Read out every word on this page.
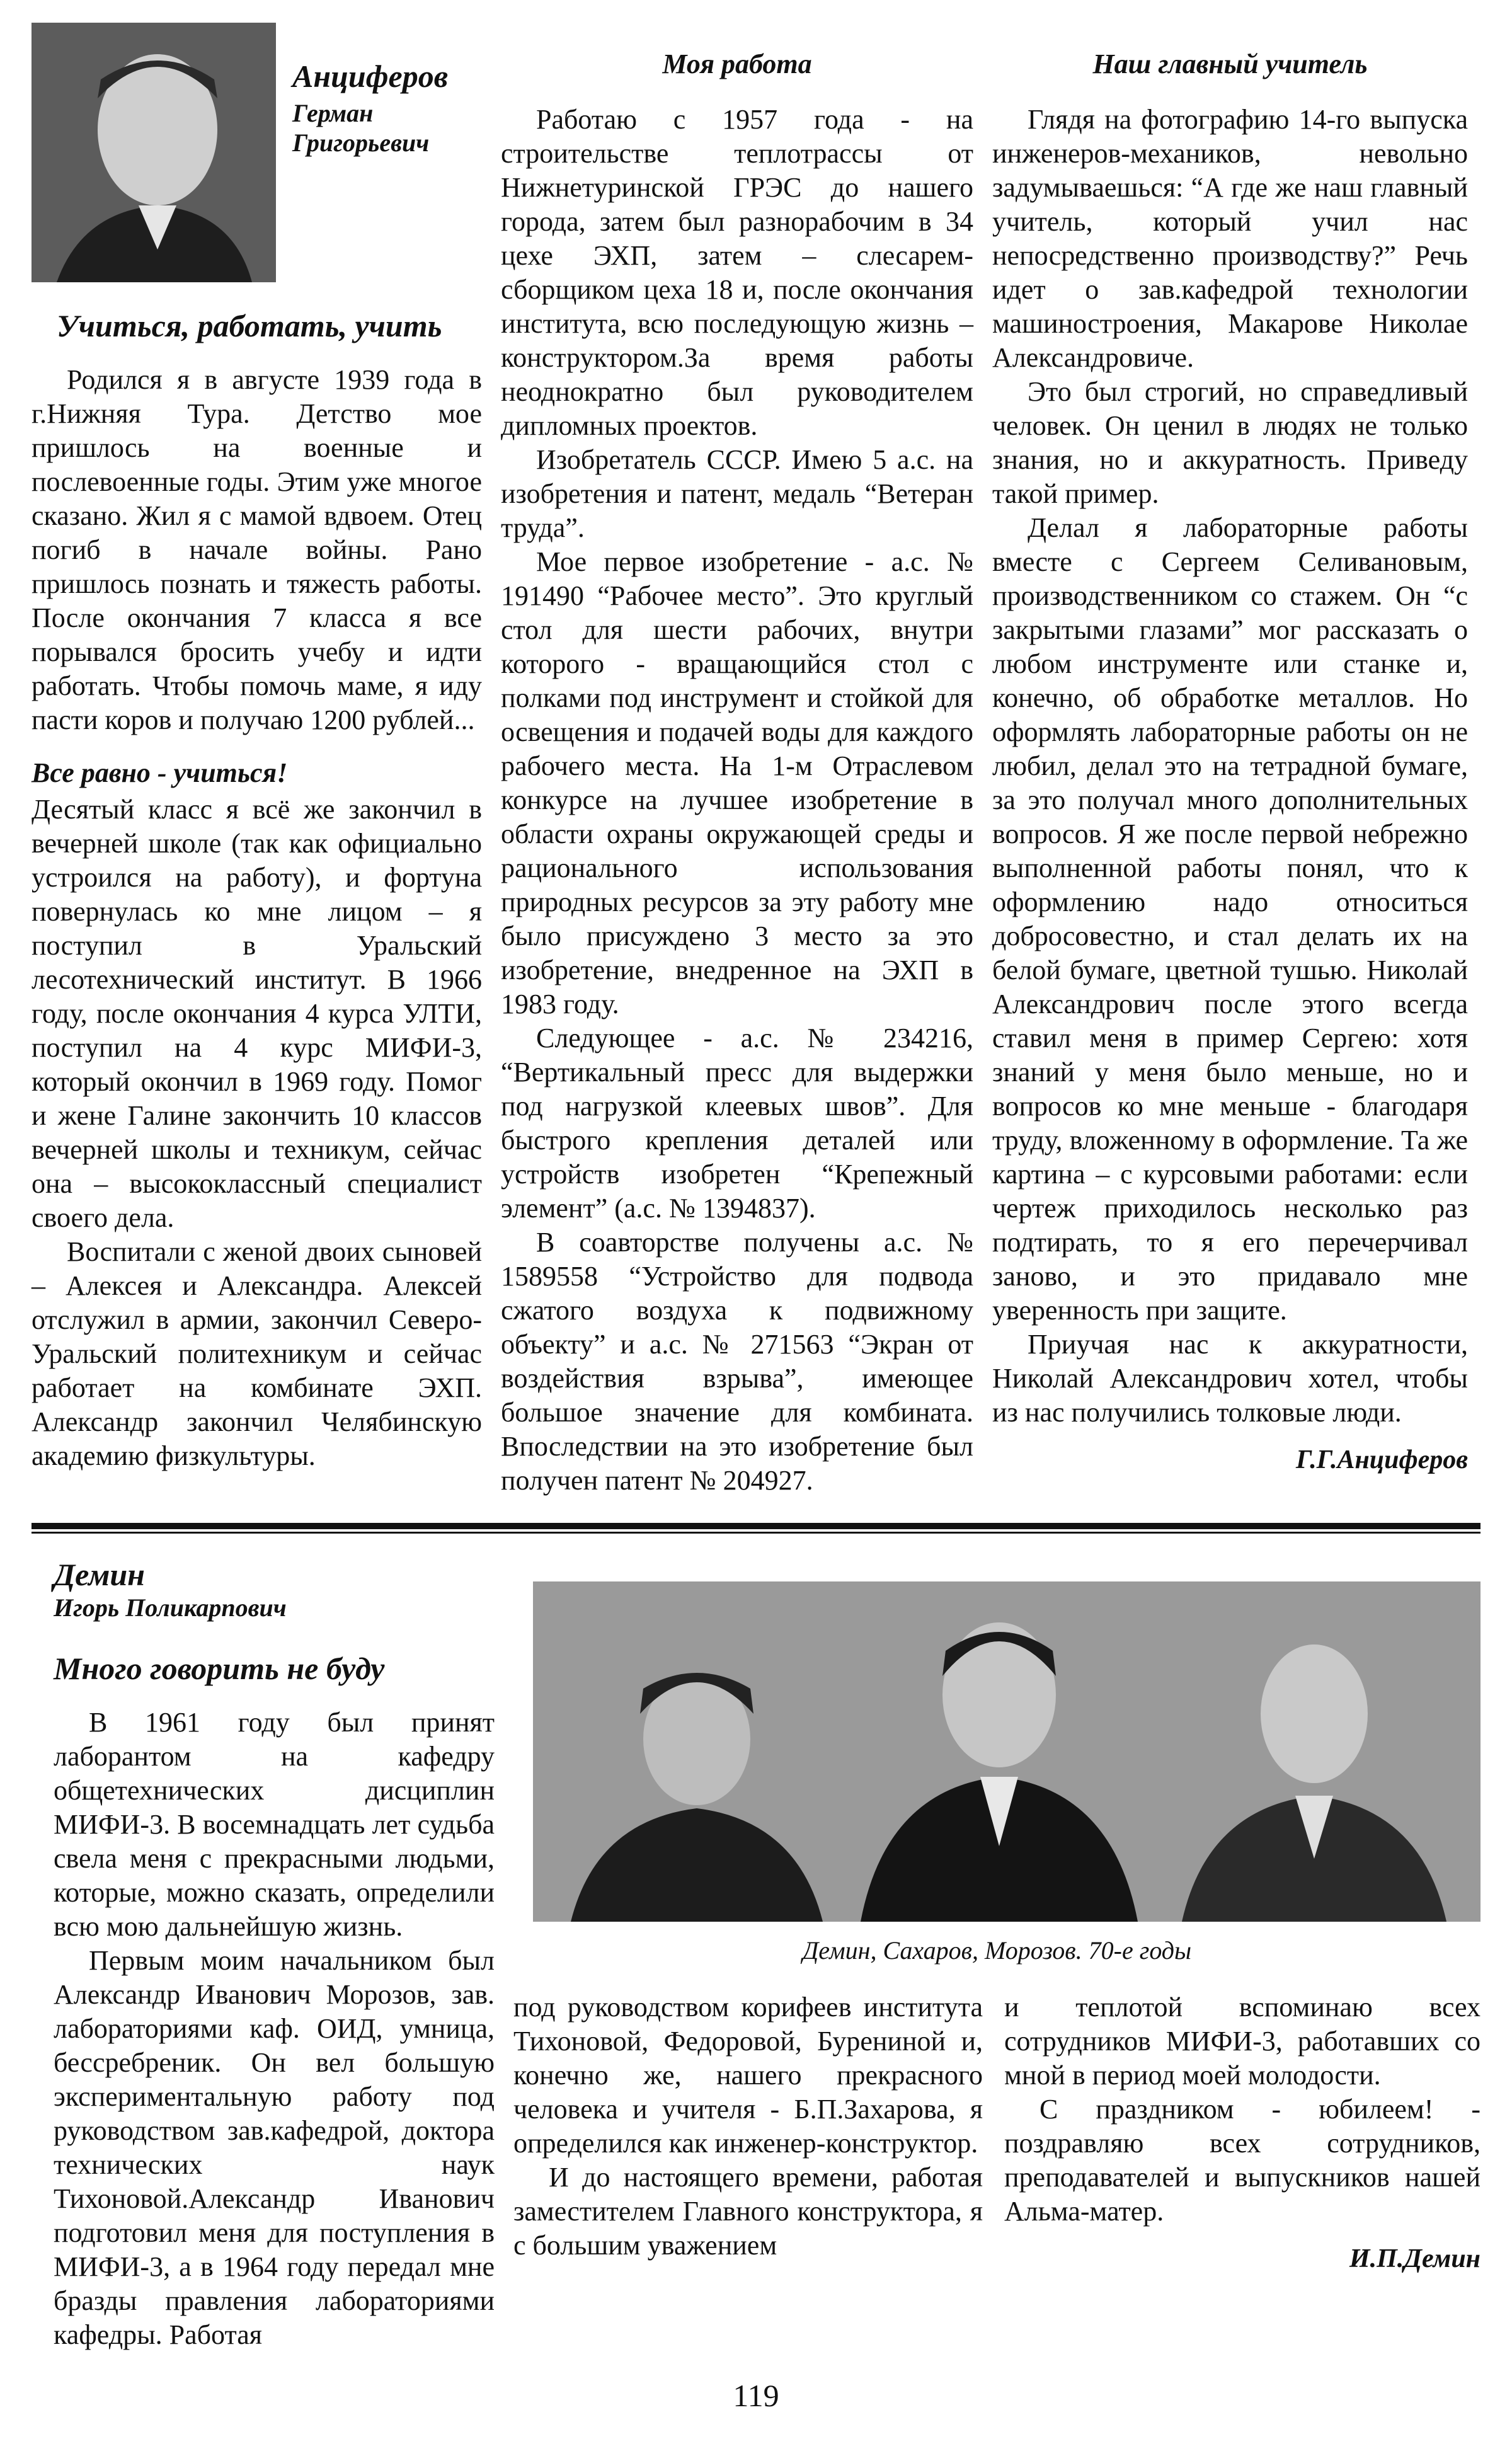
Анциферов
Герман
Григорьевич
Учиться, работать, учить

Родился я в августе 1939 года в г.Нижняя Тура. Детство мое пришлось на военные и послевоенные годы. Этим уже многое сказано. Жил я с мамой вдвоем. Отец погиб в начале войны. Рано пришлось познать и тяжесть работы. После окончания 7 класса я все порывался бросить учебу и идти работать. Чтобы помочь маме, я иду пасти коров и получаю 1200 рублей...

Все равно - учиться!

Десятый класс я всё же закончил в вечерней школе (так как официально устроился на работу), и фортуна повернулась ко мне лицом – я поступил в Уральский лесотехнический институт. В 1966 году, после окончания 4 курса УЛТИ, поступил на 4 курс МИФИ-3, который окончил в 1969 году. Помог и жене Галине закончить 10 классов вечерней школы и техникум, сейчас она – высококлассный специалист своего дела.

Воспитали с женой двоих сыновей – Алексея и Александра. Алексей отслужил в армии, закончил Северо-Уральский политехникум и сейчас работает на комбинате ЭХП. Александр закончил Челябинскую академию физкультуры.

Моя работа

Работаю с 1957 года - на строительстве теплотрассы от Нижнетуринской ГРЭС до нашего города, затем был разнорабочим в 34 цехе ЭХП, затем – слесарем-сборщиком цеха 18 и, после окончания института, всю последующую жизнь – конструктором.За время работы неоднократно был руководителем дипломных проектов.

Изобретатель СССР. Имею 5 а.с. на изобретения и патент, медаль “Ветеран труда”.

Мое первое изобретение - а.с. № 191490 “Рабочее место”. Это круглый стол для шести рабочих, внутри которого - вращающийся стол с полками под инструмент и стойкой для освещения и подачей воды для каждого рабочего места. На 1-м Отраслевом конкурсе на лучшее изобретение в области охраны окружающей среды и рационального использования природных ресурсов за эту работу мне было присуждено 3 место за это изобретение, внедренное на ЭХП в 1983 году.

Следующее - а.с. № 234216, “Вертикальный пресс для выдержки под нагрузкой клеевых швов”. Для быстрого крепления деталей или устройств изобретен “Крепежный элемент” (а.с. № 1394837).

В соавторстве получены а.с. № 1589558 “Устройство для подвода сжатого воздуха к подвижному объекту” и а.с. № 271563 “Экран от воздействия взрыва”, имеющее большое значение для комбината. Впоследствии на это изобретение был получен патент № 204927.

Наш главный учитель

Глядя на фотографию 14-го выпуска инженеров-механиков, невольно задумываешься: “А где же наш главный учитель, который учил нас непосредственно производству?” Речь идет о зав.кафедрой технологии машиностроения, Макарове Николае Александровиче.

Это был строгий, но справедливый человек. Он ценил в людях не только знания, но и аккуратность. Приведу такой пример.

Делал я лабораторные работы вместе с Сергеем Селивановым, производственником со стажем. Он “с закрытыми глазами” мог рассказать о любом инструменте или станке и, конечно, об обработке металлов. Но оформлять лабораторные работы он не любил, делал это на тетрадной бумаге, за это получал много дополнительных вопросов. Я же после первой небрежно выполненной работы понял, что к оформлению надо относиться добросовестно, и стал делать их на белой бумаге, цветной тушью. Николай Александрович после этого всегда ставил меня в пример Сергею: хотя знаний у меня было меньше, но и вопросов ко мне меньше - благодаря труду, вложенному в оформление. Та же картина – с курсовыми работами: если чертеж приходилось несколько раз подтирать, то я его перечерчивал заново, и это придавало мне уверенность при защите.

Приучая нас к аккуратности, Николай Александрович хотел, чтобы из нас получились толковые люди.

Г.Г.Анциферов
Демин
Игорь Поликарпович
Много говорить не буду

В 1961 году был принят лаборантом на кафедру общетехнических дисциплин МИФИ-3. В восемнадцать лет судьба свела меня с прекрасными людьми, которые, можно сказать, определили всю мою дальнейшую жизнь.

Первым моим начальником был Александр Иванович Морозов, зав. лабораториями каф. ОИД, умница, бессребреник. Он вел большую экспериментальную работу под руководством зав.кафедрой, доктора технических наук Тихоновой.Александр Иванович подготовил меня для поступления в МИФИ-3, а в 1964 году передал мне бразды правления лабораториями кафедры. Работая

Демин, Сахаров, Морозов. 70-е годы

под руководством корифеев института Тихоновой, Федоровой, Бурениной и, конечно же, нашего прекрасного человека и учителя - Б.П.Захарова, я определился как инженер-конструктор.

И до настоящего времени, работая заместителем Главного конструктора, я с большим уважением

и теплотой вспоминаю всех сотрудников МИФИ-3, работавших со мной в период моей молодости.

С праздником - юбилеем! - поздравляю всех сотрудников, преподавателей и выпускников нашей Альма-матер.

И.П.Демин
119
